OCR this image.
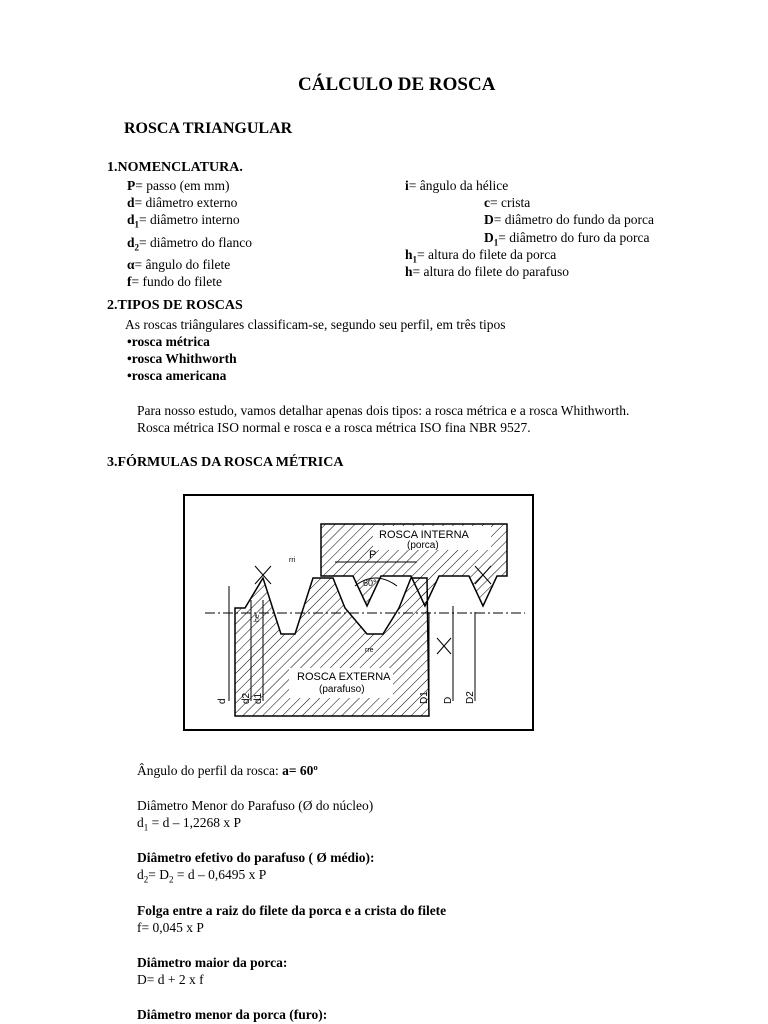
CÁLCULO DE ROSCA
ROSCA TRIANGULAR
1.NOMENCLATURA.
P= passo (em mm)
d= diâmetro externo
$d_1=$ diâmetro interno
$d_2=$ diâmetro do flanco
α= ângulo do filete
f= fundo do filete
i= ângulo da hélice
c= crista
D= diâmetro do fundo da porca
$D_1=$ diâmetro do furo da porca
$h_1=$ altura do filete da porca
h= altura do filete do parafuso
2.TIPOS DE ROSCAS
As roscas triângulares classificam-se, segundo seu perfil, em três tipos
•rosca métrica
•rosca Whithworth
•rosca americana
Para nosso estudo, vamos detalhar apenas dois tipos: a rosca métrica e a rosca Whithworth.
Rosca métrica ISO normal e rosca e a rosca métrica ISO fina NBR 9527.
3.FÓRMULAS DA ROSCA MÉTRICA
ROSCA INTERNA
(porca)
P
60°
rri
rre
ROSCA EXTERNA
(parafuso)
d d2 d1
he
D1 D D2
Ângulo do perfil da rosca: a= 60º
Diâmetro Menor do Parafuso (Ø do núcleo)
$d_1 = d - 1,2268$ x P
Diâmetro efetivo do parafuso ( Ø médio):
$d_2= D_2 = d - 0,6495$ x P
Folga entre a raiz do filete da porca e a crista do filete
f= 0,045 x P
Diâmetro maior da porca:
D= d + 2 x f
Diâmetro menor da porca (furo):
